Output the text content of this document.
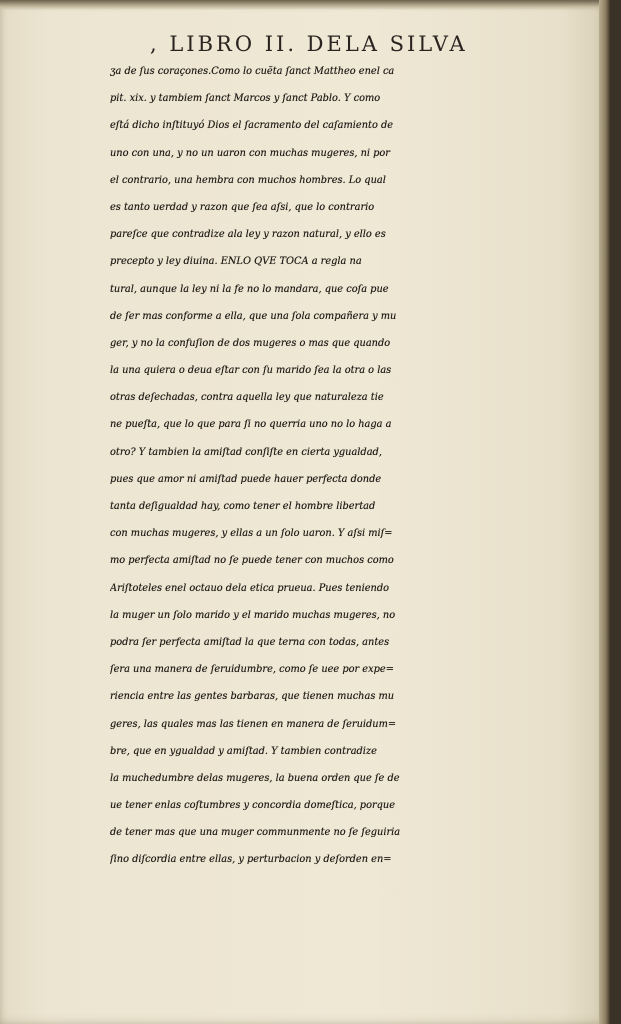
, LIBRO II. DELA SILVA
ʒa de ſus coraçones.Como lo cuẽta ſanct Mattheo enel ca
pit. xix. y tambiem ſanct Marcos y ſanct Pablo. Y como
eſtá dicho inſtituyó Dios el ſacramento del caſamiento de
uno con una, y no un uaron con muchas mugeres, ni por
el contrario, una hembra con muchos hombres. Lo qual
es tanto uerdad y razon que ſea aſsi, que lo contrario
pareſce que contradize ala ley y razon natural, y ello es
precepto y ley diuina. ENLO QVE TOCA a regla na
tural, aunque la ley ni la fe no lo mandara, que coſa pue
de ſer mas conforme a ella, que una ſola compañera y mu
ger, y no la confuſion de dos mugeres o mas que quando
la una quiera o deua eſtar con ſu marido ſea la otra o las
otras deſechadas, contra aquella ley que naturaleza tie
ne pueſta, que lo que para ſi no querria uno no lo haga a
otro? Y tambien la amiſtad conſiſte en cierta ygualdad,
pues que amor ni amiſtad puede hauer perfecta donde
tanta deſigualdad hay, como tener el hombre libertad
con muchas mugeres, y ellas a un ſolo uaron. Y aſsi miſ=
mo perfecta amiſtad no ſe puede tener con muchos como
Ariſtoteles enel octauo dela etica prueua. Pues teniendo
la muger un ſolo marido y el marido muchas mugeres, no
podra ſer perfecta amiſtad la que terna con todas, antes
ſera una manera de ſeruidumbre, como ſe uee por expe=
riencia entre las gentes barbaras, que tienen muchas mu
geres, las quales mas las tienen en manera de ſeruidum=
bre, que en ygualdad y amiſtad. Y tambien contradize
la muchedumbre delas mugeres, la buena orden que ſe de
ue tener enlas coſtumbres y concordia domeſtica, porque
de tener mas que una muger communmente no ſe ſeguiria
ſino diſcordia entre ellas, y perturbacion y deſorden en=
